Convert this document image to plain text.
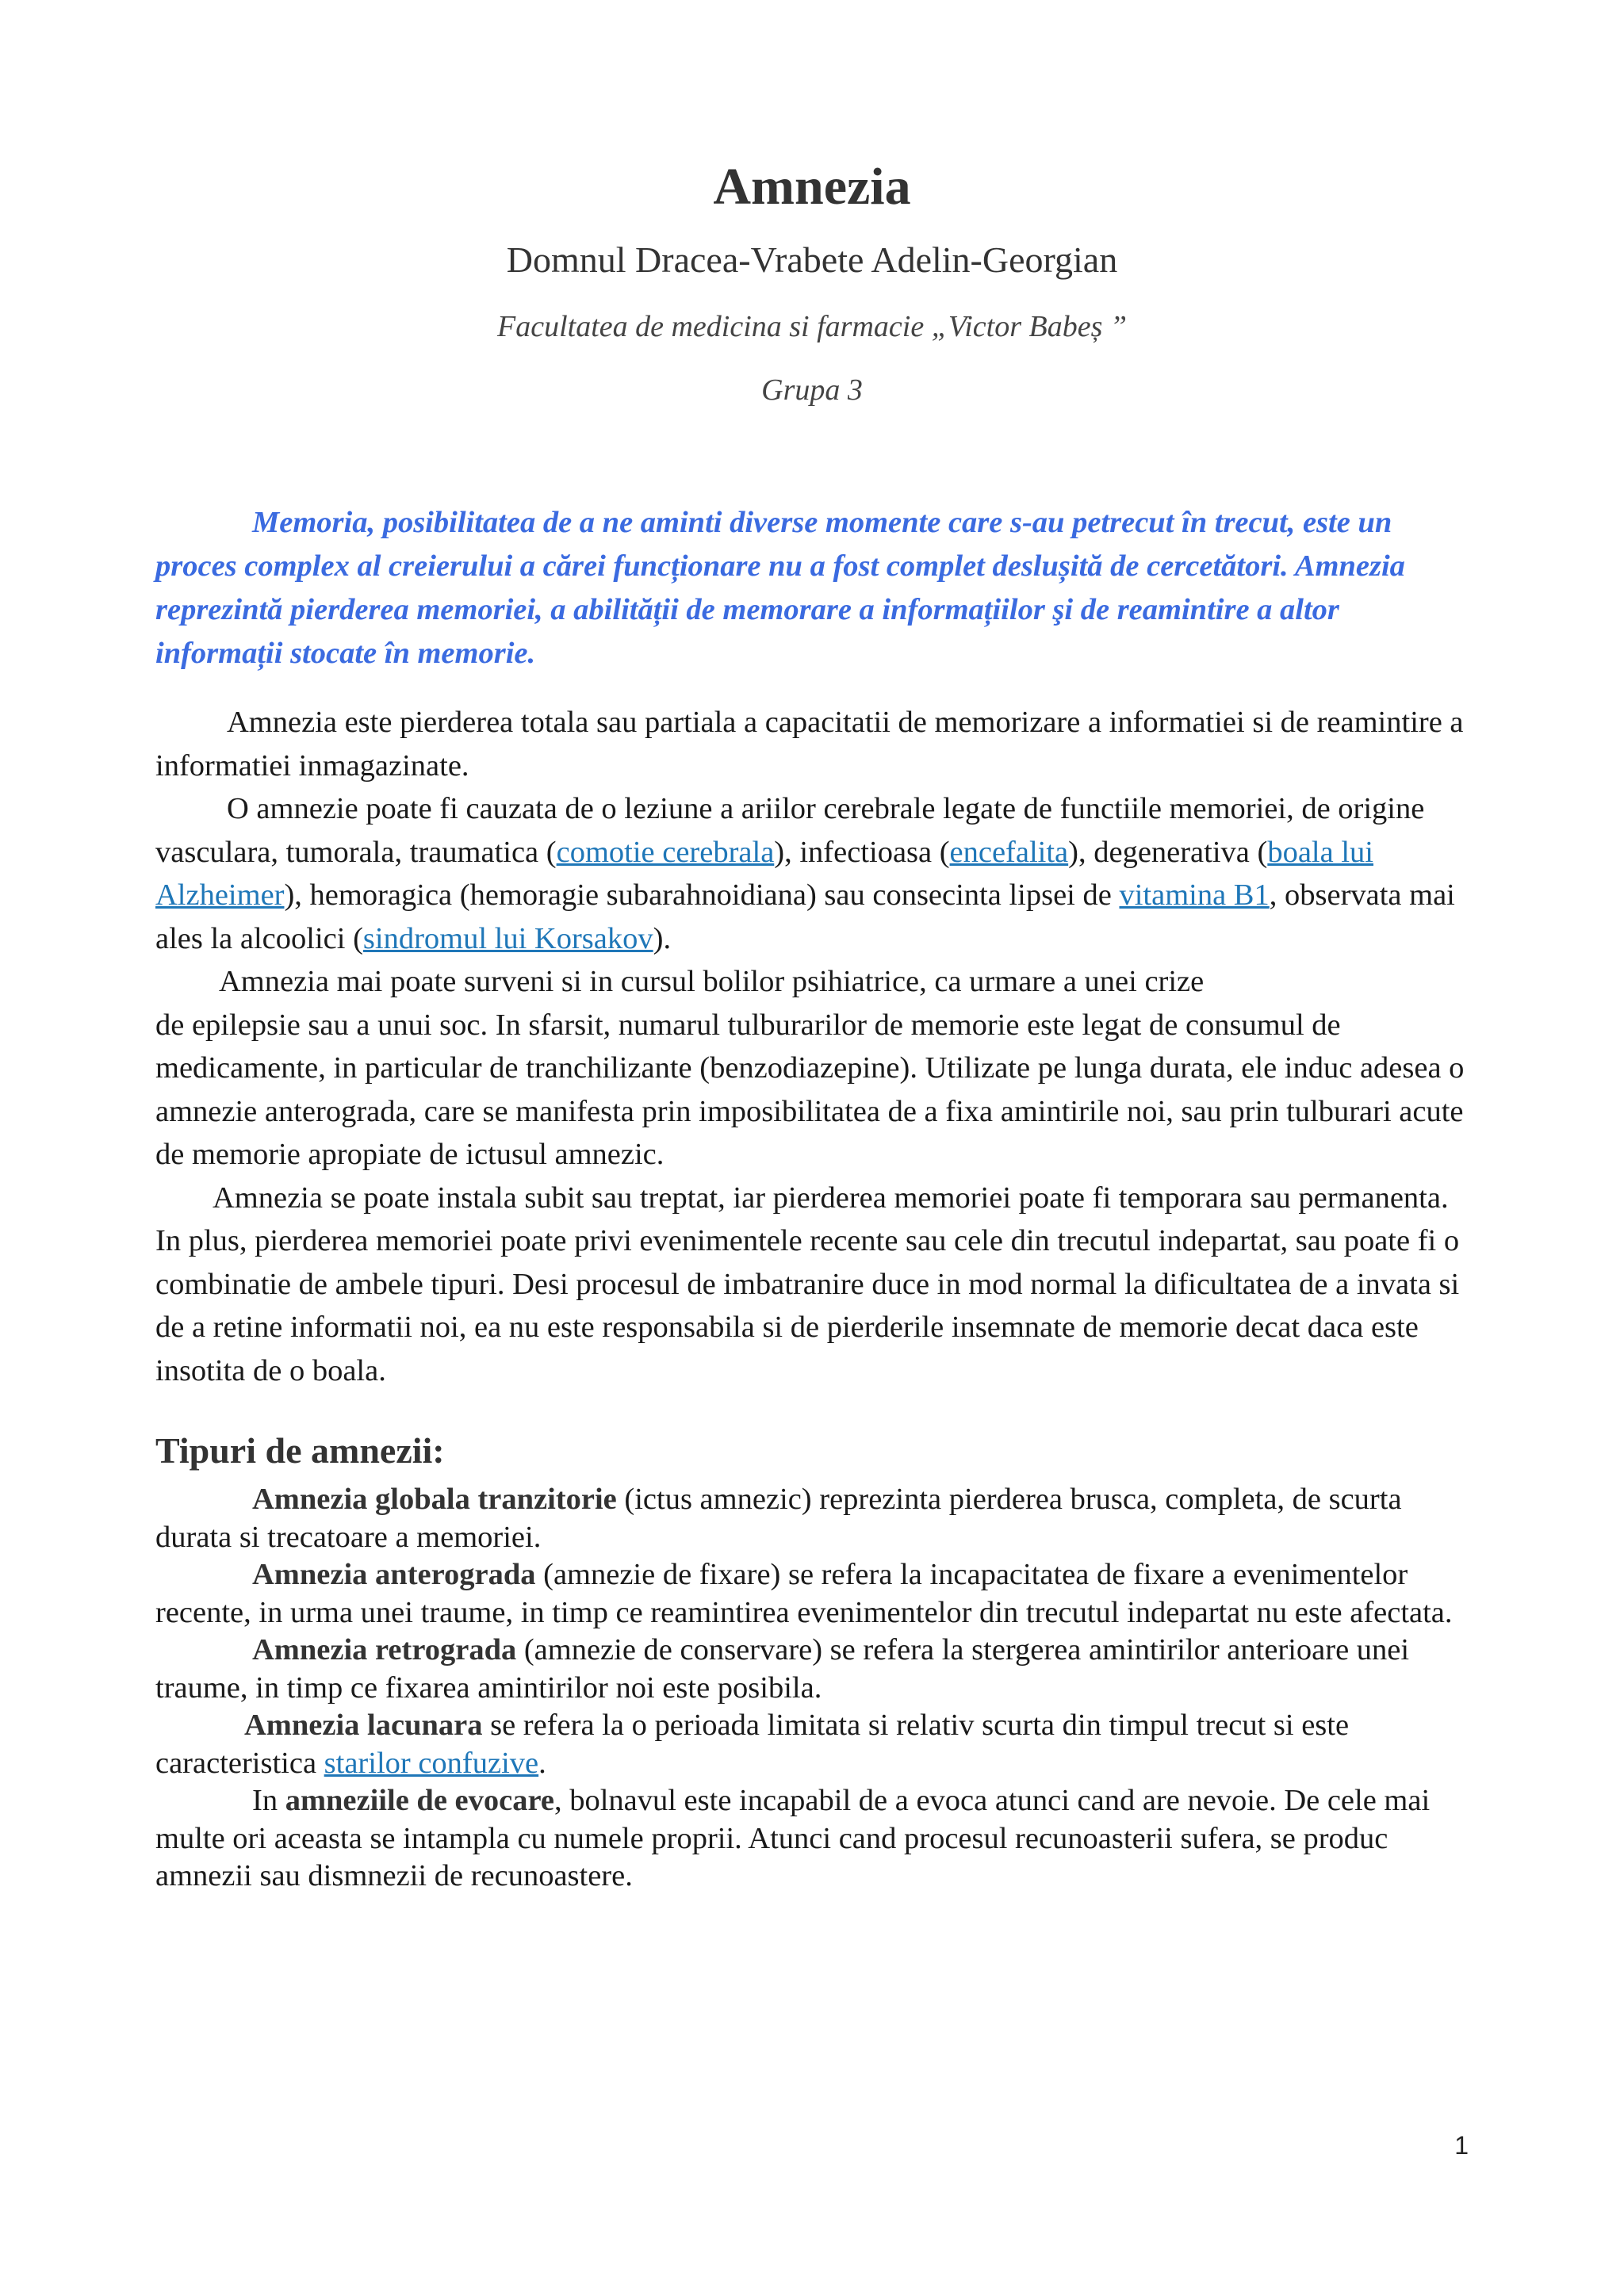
Amnezia
Domnul Dracea-Vrabete Adelin-Georgian
Facultatea de medicina si farmacie „Victor Babeș ”
Grupa 3

Memoria, posibilitatea de a ne aminti diverse momente care s-au petrecut în trecut, este un proces complex al creierului a cărei funcționare nu a fost complet deslușită de cercetători. Amnezia reprezintă pierderea memoriei, a abilității de memorare a informațiilor şi de reamintire a altor informații stocate în memorie.

Amnezia este pierderea totala sau partiala a capacitatii de memorizare a informatiei si de reamintire a informatiei inmagazinate.

O amnezie poate fi cauzata de o leziune a ariilor cerebrale legate de functiile memoriei, de origine vasculara, tumorala, traumatica (comotie cerebrala), infectioasa (encefalita), degenerativa (boala lui Alzheimer), hemoragica (hemoragie subarahnoidiana) sau consecinta lipsei de vitamina B1, observata mai ales la alcoolici (sindromul lui Korsakov).

Amnezia mai poate surveni si in cursul bolilor psihiatrice, ca urmare a unei crize

de epilepsie sau a unui soc. In sfarsit, numarul tulburarilor de memorie este legat de consumul de medicamente, in particular de tranchilizante (benzodiazepine). Utilizate pe lunga durata, ele induc adesea o amnezie anterograda, care se manifesta prin imposibilitatea de a fixa amintirile noi, sau prin tulburari acute de memorie apropiate de ictusul amnezic.

Amnezia se poate instala subit sau treptat, iar pierderea memoriei poate fi temporara sau permanenta. In plus, pierderea memoriei poate privi evenimentele recente sau cele din trecutul indepartat, sau poate fi o combinatie de ambele tipuri. Desi procesul de imbatranire duce in mod normal la dificultatea de a invata si de a retine informatii noi, ea nu este responsabila si de pierderile insemnate de memorie decat daca este insotita de o boala.

Tipuri de amnezii:

Amnezia globala tranzitorie (ictus amnezic) reprezinta pierderea brusca, completa, de scurta durata si trecatoare a memoriei.

Amnezia anterograda (amnezie de fixare) se refera la incapacitatea de fixare a evenimentelor recente, in urma unei traume, in timp ce reamintirea evenimentelor din trecutul indepartat nu este afectata.

Amnezia retrograda (amnezie de conservare) se refera la stergerea amintirilor anterioare unei traume, in timp ce fixarea amintirilor noi este posibila.

Amnezia lacunara se refera la o perioada limitata si relativ scurta din timpul trecut si este caracteristica starilor confuzive.

In amneziile de evocare, bolnavul este incapabil de a evoca atunci cand are nevoie. De cele mai multe ori aceasta se intampla cu numele proprii. Atunci cand procesul recunoasterii sufera, se produc amnezii sau dismnezii de recunoastere.

1
